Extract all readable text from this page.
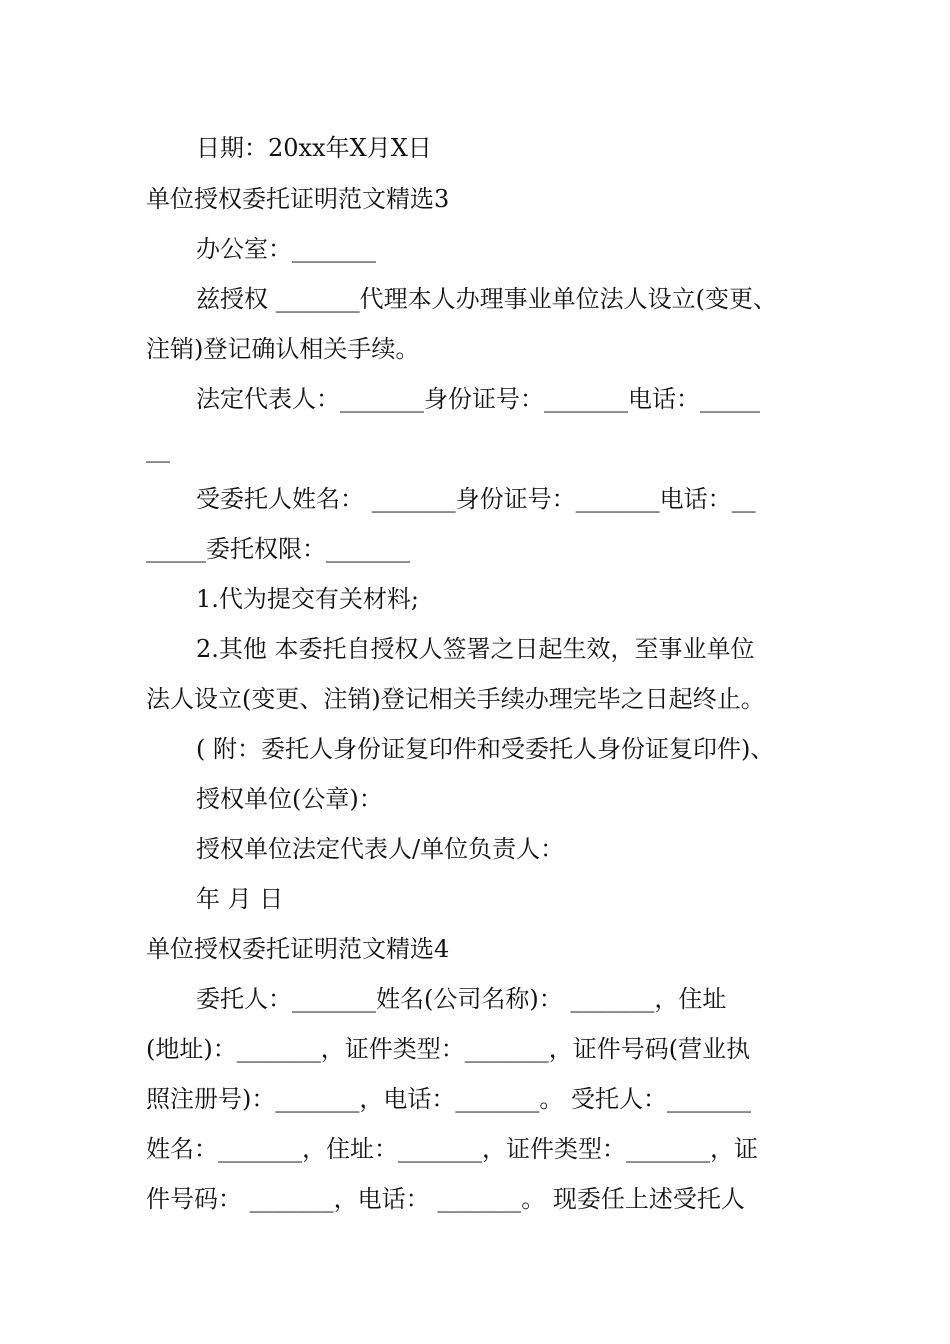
日期：20xx年X月X日
单位授权委托证明范文精选3
办公室：_______
兹授权 _______代理本人办理事业单位法人设立(变更、
注销)登记确认相关手续。
法定代表人：_______身份证号：_______电话：_____
__
受委托人姓名： _______身份证号：_______电话：__
_____委托权限：_______
1.代为提交有关材料;
2.其他 本委托自授权人签署之日起生效，至事业单位
法人设立(变更、注销)登记相关手续办理完毕之日起终止。
( 附：委托人身份证复印件和受委托人身份证复印件)、
授权单位(公章)：
授权单位法定代表人/单位负责人：
年 月 日
单位授权委托证明范文精选4
委托人：_______姓名(公司名称)： _______，住址
(地址)：_______，证件类型：_______，证件号码(营业执
照注册号)：_______，电话：_______。 受托人：_______
姓名：_______，住址：_______，证件类型：_______，证
件号码： _______，电话： _______。 现委任上述受托人
